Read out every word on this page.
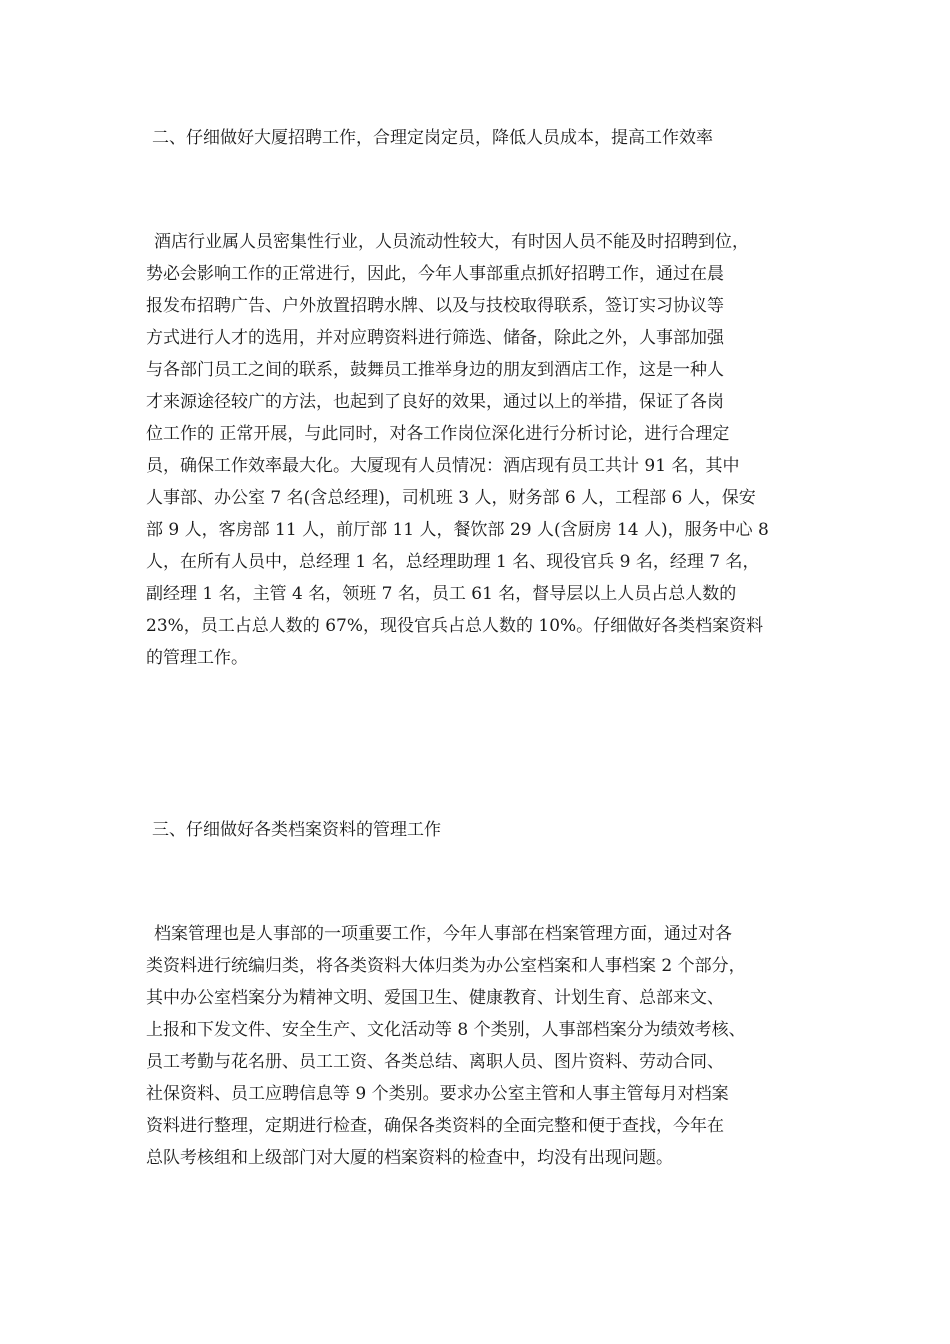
二、仔细做好大厦招聘工作，合理定岗定员，降低人员成本，提高工作效率
酒店行业属人员密集性行业，人员流动性较大，有时因人员不能及时招聘到位，
势必会影响工作的正常进行，因此，今年人事部重点抓好招聘工作，通过在晨
报发布招聘广告、户外放置招聘水牌、以及与技校取得联系，签订实习协议等
方式进行人才的选用，并对应聘资料进行筛选、储备，除此之外，人事部加强
与各部门员工之间的联系，鼓舞员工推举身边的朋友到酒店工作，这是一种人
才来源途径较广的方法，也起到了良好的效果，通过以上的举措，保证了各岗
位工作的 正常开展，与此同时，对各工作岗位深化进行分析讨论，进行合理定
员，确保工作效率最大化。大厦现有人员情况：酒店现有员工共计 91 名，其中
人事部、办公室 7 名(含总经理)，司机班 3 人，财务部 6 人，工程部 6 人，保安
部 9 人，客房部 11 人，前厅部 11 人，餐饮部 29 人(含厨房 14 人)，服务中心 8
人，在所有人员中，总经理 1 名，总经理助理 1 名、现役官兵 9 名，经理 7 名，
副经理 1 名，主管 4 名，领班 7 名，员工 61 名，督导层以上人员占总人数的
23%，员工占总人数的 67%，现役官兵占总人数的 10%。仔细做好各类档案资料
的管理工作。
三、仔细做好各类档案资料的管理工作
档案管理也是人事部的一项重要工作，今年人事部在档案管理方面，通过对各
类资料进行统编归类，将各类资料大体归类为办公室档案和人事档案 2 个部分，
其中办公室档案分为精神文明、爱国卫生、健康教育、计划生育、总部来文、
上报和下发文件、安全生产、文化活动等 8 个类别，人事部档案分为绩效考核、
员工考勤与花名册、员工工资、各类总结、离职人员、图片资料、劳动合同、
社保资料、员工应聘信息等 9 个类别。要求办公室主管和人事主管每月对档案
资料进行整理，定期进行检查，确保各类资料的全面完整和便于查找，今年在
总队考核组和上级部门对大厦的档案资料的检查中，均没有出现问题。
